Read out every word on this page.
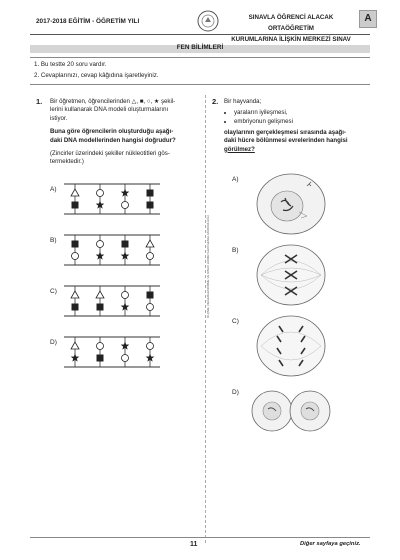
2017-2018 EĞİTİM - ÖĞRETİM YILI
SINAVLA ÖĞRENCİ ALACAK ORTAÖĞRETİM
KURUMLARINA İLİŞKİN MERKEZİ SINAV
A
FEN BİLİMLERİ
1. Bu testte 20 soru vardır.
2. Cevaplarınızı, cevap kâğıdına işaretleyiniz.
1. Bir öğretmen, öğrencilerinden △, ■, ○, ★ şekil-
lerini kullanarak DNA modeli oluşturmalarını
istiyor.
Buna göre öğrencilerin oluşturduğu aşağı-
daki DNA modellerinden hangisi doğrudur?
(Zincirler üzerindeki şekiller nükleotitleri gös-
termektedir.)
A)
B)
C)
D)
ÖLÇME, DEĞERLENDİRME VE SINAV HİZMETLERİ GENEL MÜDÜRLÜĞÜ
2. Bir hayvanda;
• yaraların iyileşmesi,
• embriyonun gelişmesi
olaylarının gerçekleşmesi sırasında aşağı-
daki hücre bölünmesi evrelerinden hangisi
görülmez?
A)
B)
C)
D)
11	Diğer sayfaya geçiniz.
